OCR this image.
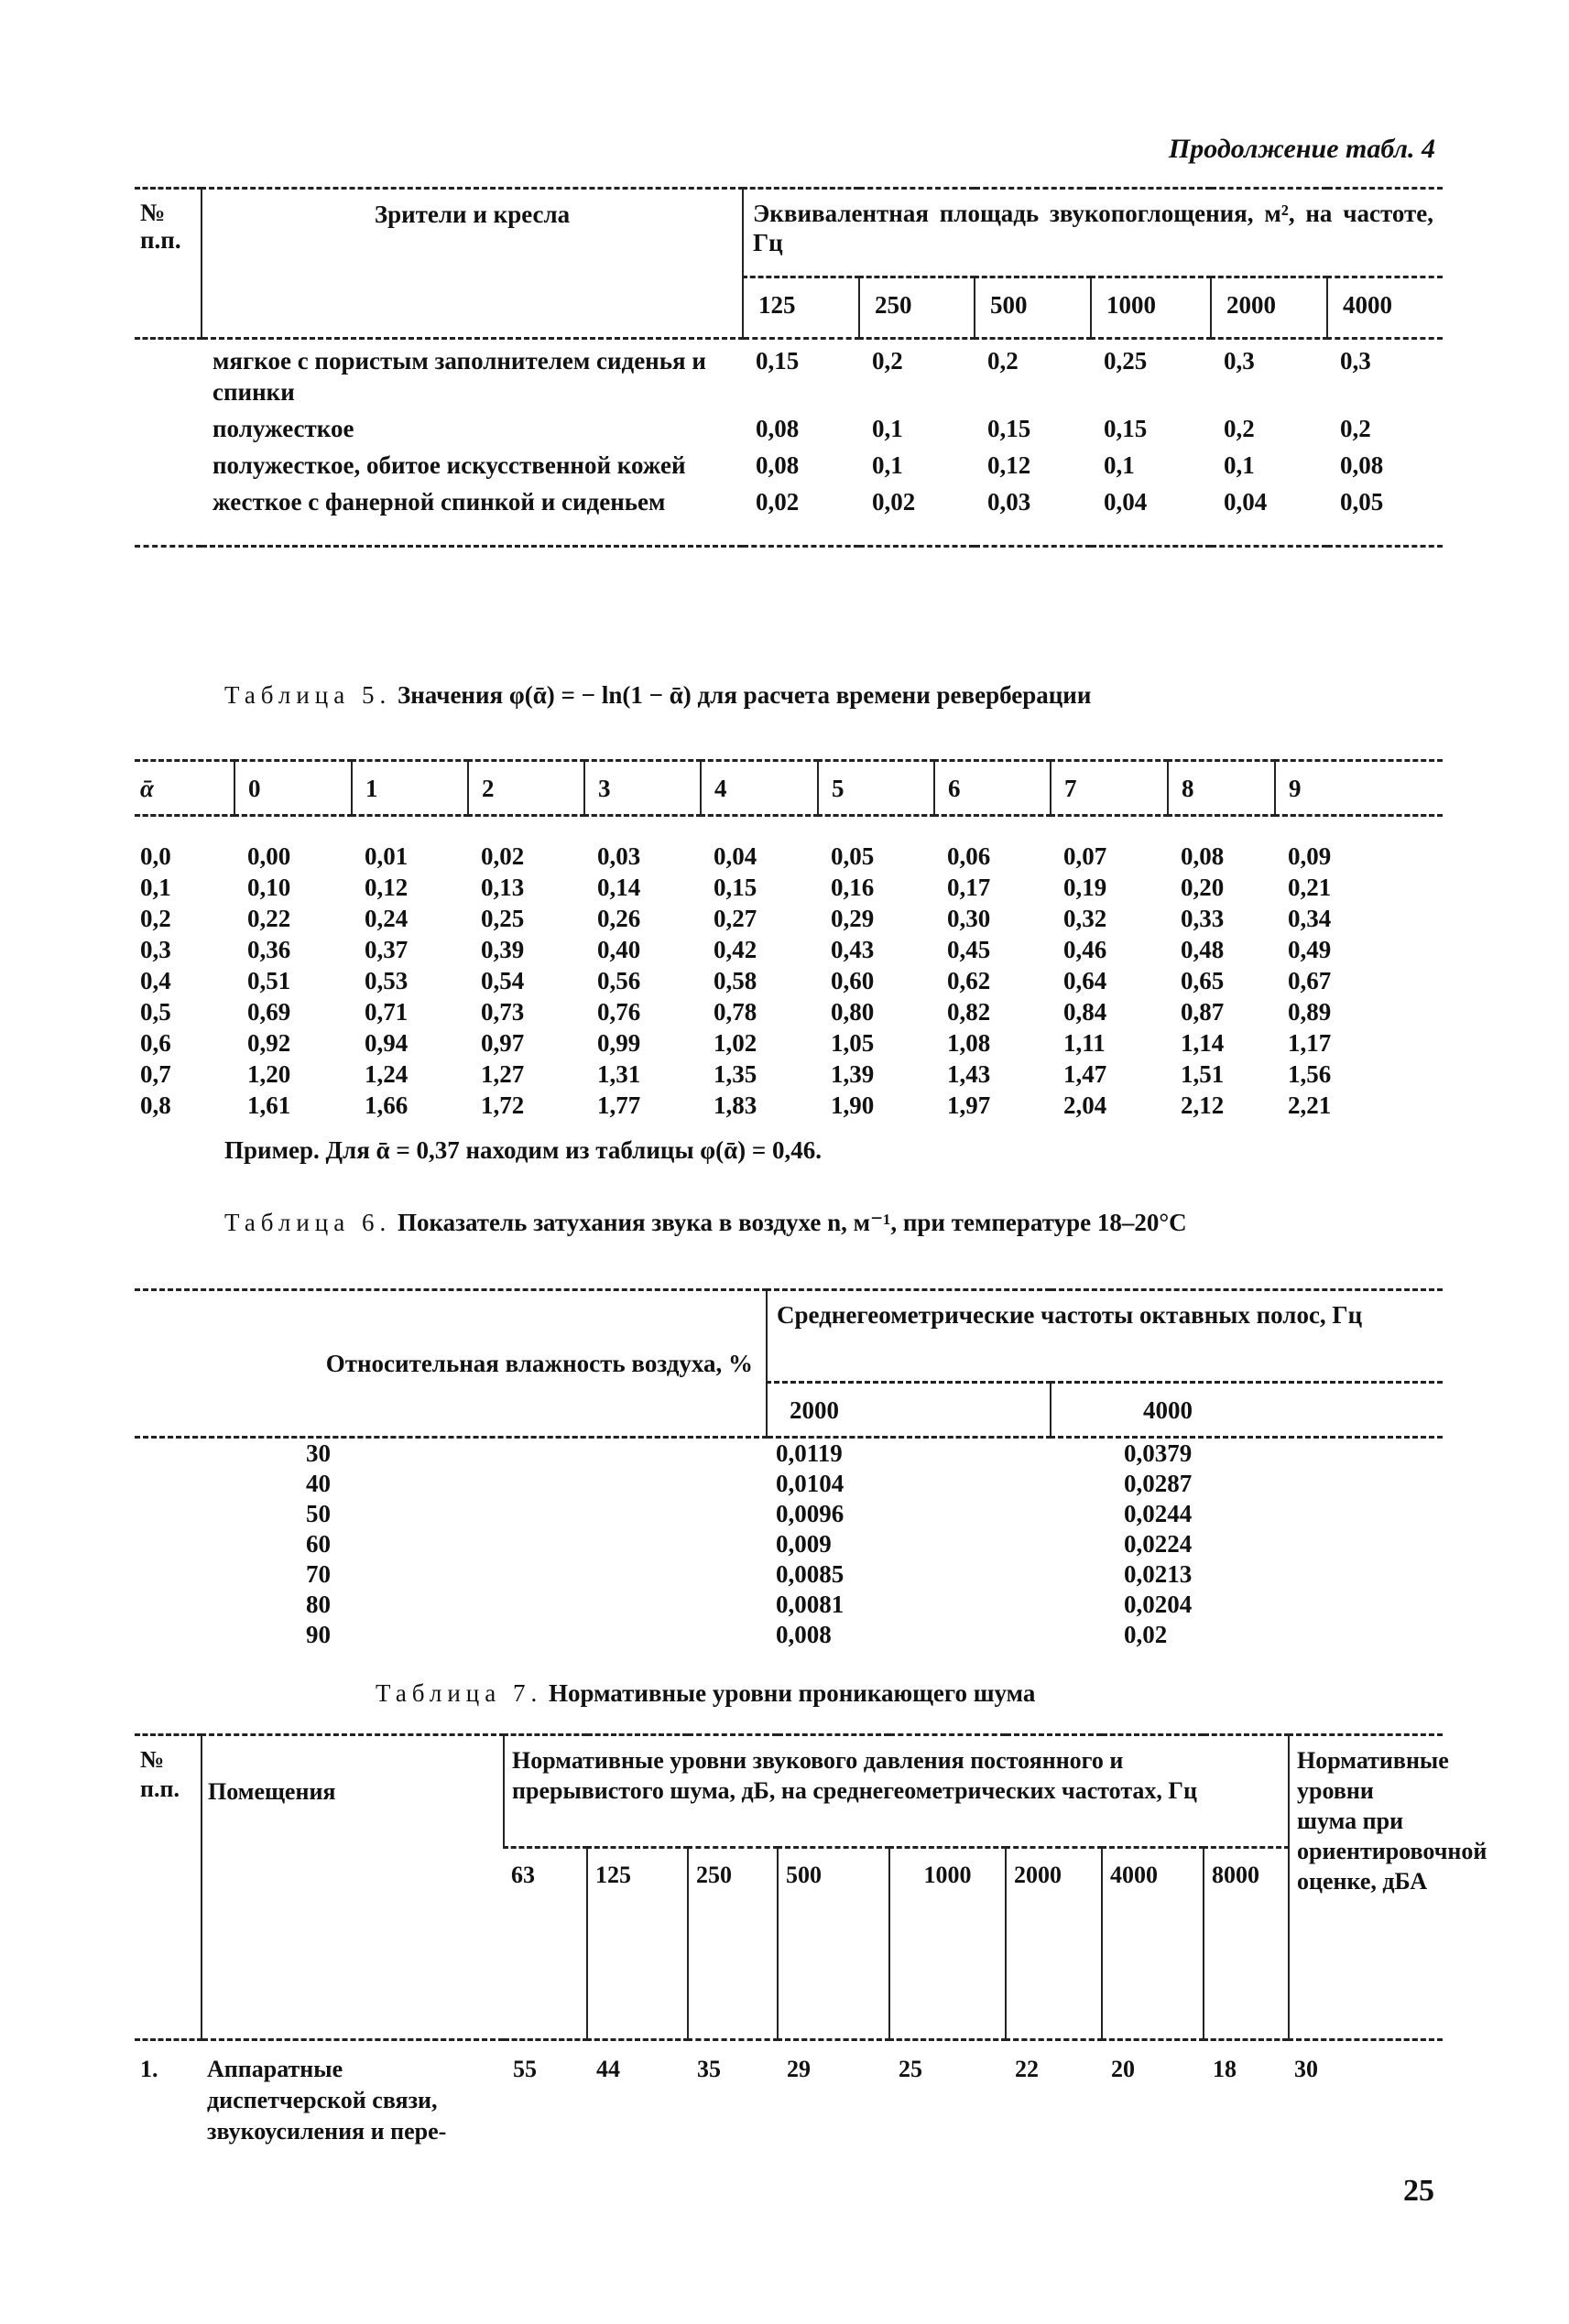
Продолжение табл. 4
№ п.п.	Зрители и кресла	Эквивалентная площадь звукопоглощения, м², на частоте, Гц					
		125	250	500	1000	2000	4000
	мягкое с пористым заполнителем сиденья и спинки	0,15	0,2	0,2	0,25	0,3	0,3
	полужесткое	0,08	0,1	0,15	0,15	0,2	0,2
	полужесткое, обитое искусственной кожей	0,08	0,1	0,12	0,1	0,1	0,08
	жесткое с фанерной спинкой и сиденьем	0,02	0,02	0,03	0,04	0,04	0,05
Таблица 5. Значения φ(ᾱ) = − ln(1 − ᾱ) для расчета времени реверберации
ᾱ	0	1	2	3	4	5	6	7	8	9	
0,0	0,00	0,01	0,02	0,03	0,04	0,05	0,06	0,07	0,08	0,09	
0,1	0,10	0,12	0,13	0,14	0,15	0,16	0,17	0,19	0,20	0,21	
0,2	0,22	0,24	0,25	0,26	0,27	0,29	0,30	0,32	0,33	0,34	
0,3	0,36	0,37	0,39	0,40	0,42	0,43	0,45	0,46	0,48	0,49	
0,4	0,51	0,53	0,54	0,56	0,58	0,60	0,62	0,64	0,65	0,67	
0,5	0,69	0,71	0,73	0,76	0,78	0,80	0,82	0,84	0,87	0,89	
0,6	0,92	0,94	0,97	0,99	1,02	1,05	1,08	1,11	1,14	1,17	
0,7	1,20	1,24	1,27	1,31	1,35	1,39	1,43	1,47	1,51	1,56	
0,8	1,61	1,66	1,72	1,77	1,83	1,90	1,97	2,04	2,12	2,21	
Пример. Для ᾱ = 0,37 находим из таблицы φ(ᾱ) = 0,46.
Таблица 6. Показатель затухания звука в воздухе n, м⁻¹, при температуре 18–20°С
Относительная влажность воздуха, %	Среднегеометрические частоты октавных полос, Гц	
	2000	4000
30	0,0119	0,0379
40	0,0104	0,0287
50	0,0096	0,0244
60	0,009	0,0224
70	0,0085	0,0213
80	0,0081	0,0204
90	0,008	0,02
Таблица 7. Нормативные уровни проникающего шума
№ п.п.	Помещения	Нормативные уровни звукового давления постоянного и прерывистого шума, дБ, на среднегеометрических частотах, Гц								Нормативные уровни шума при ориентировочной оценке, дБА
		63	125	250	500	1000	2000	4000	8000	
1.	Аппаратные диспетчерской связи, звукоусиления и пере-	55	44	35	29	25	22	20	18	30
25
